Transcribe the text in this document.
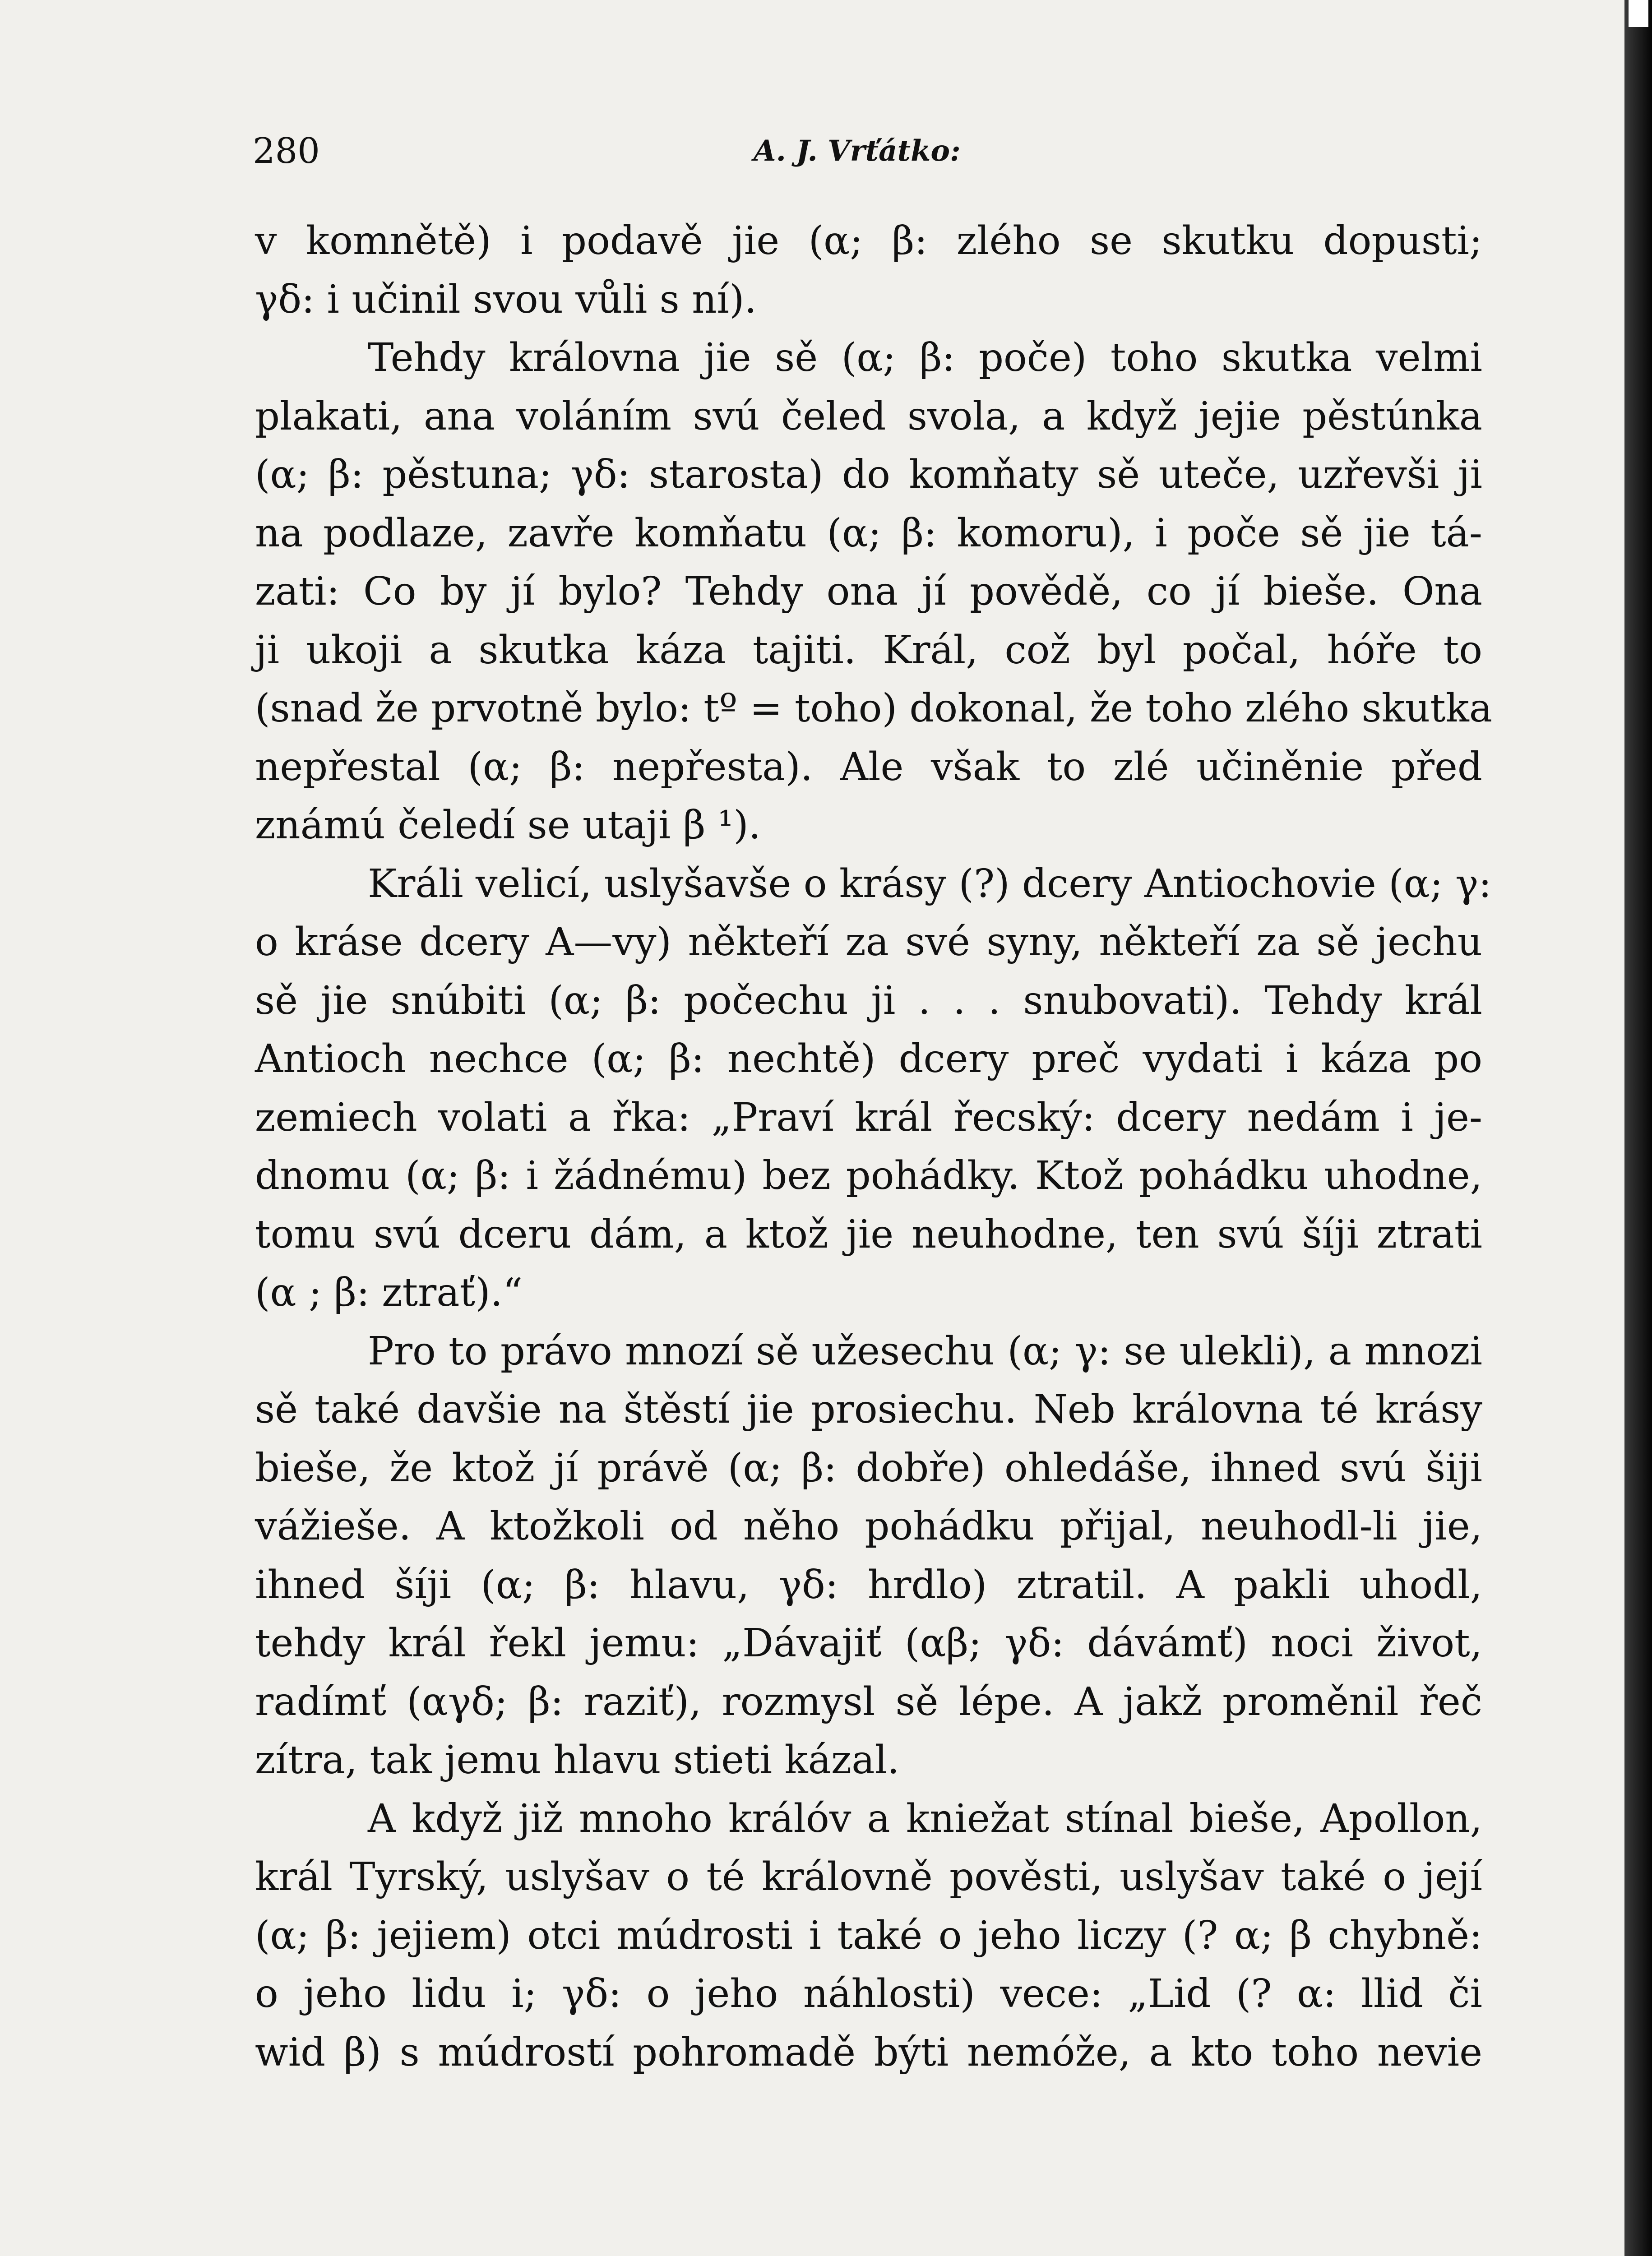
280	A. J. Vrťátko:
v komnětě) i podavě jie (α; β: zlého se skutku dopusti;
γδ: i učinil svou vůli s ní).
Tehdy královna jie sě (α; β: poče) toho skutka velmi
plakati, ana voláním svú čeled svola, a když jejie pěstúnka
(α; β: pěstuna; γδ: starosta) do komňaty sě uteče, uzřevši ji
na podlaze, zavře komňatu (α; β: komoru), i poče sě jie tá-
zati: Co by jí bylo? Tehdy ona jí povědě, co jí bieše. Ona
ji ukoji a skutka káza tajiti. Král, což byl počal, hóře to
(snad že prvotně bylo: tº = toho) dokonal, že toho zlého skutka
nepřestal (α; β: nepřesta). Ale však to zlé učiněnie před
známú čeledí se utaji β ¹).
Králi velicí, uslyšavše o krásy (?) dcery Antiochovie (α; γ:
o kráse dcery A—vy) někteří za své syny, někteří za sě jechu
sě jie snúbiti (α; β: počechu ji . . . snubovati). Tehdy král
Antioch nechce (α; β: nechtě) dcery preč vydati i káza po
zemiech volati a řka: „Praví král řecský: dcery nedám i je-
dnomu (α; β: i žádnému) bez pohádky. Ktož pohádku uhodne,
tomu svú dceru dám, a ktož jie neuhodne, ten svú šíji ztrati
(α ; β: ztrať).“
Pro to právo mnozí sě užesechu (α; γ: se ulekli), a mnozi
sě také davšie na štěstí jie prosiechu. Neb královna té krásy
bieše, že ktož jí právě (α; β: dobře) ohledáše, ihned svú šiji
vážieše. A ktožkoli od něho pohádku přijal, neuhodl-li jie,
ihned šíji (α; β: hlavu, γδ: hrdlo) ztratil. A pakli uhodl,
tehdy král řekl jemu: „Dávajiť (αβ; γδ: dávámť) noci život,
radímť (αγδ; β: raziť), rozmysl sě lépe. A jakž proměnil řeč
zítra, tak jemu hlavu stieti kázal.
A když již mnoho králóv a kniežat stínal bieše, Apollon,
král Tyrský, uslyšav o té královně pověsti, uslyšav také o její
(α; β: jejiem) otci múdrosti i také o jeho liczy (? α; β chybně:
o jeho lidu i; γδ: o jeho náhlosti) vece: „Lid (? α: llid či
wid β) s múdrostí pohromadě býti nemóže, a kto toho nevie
